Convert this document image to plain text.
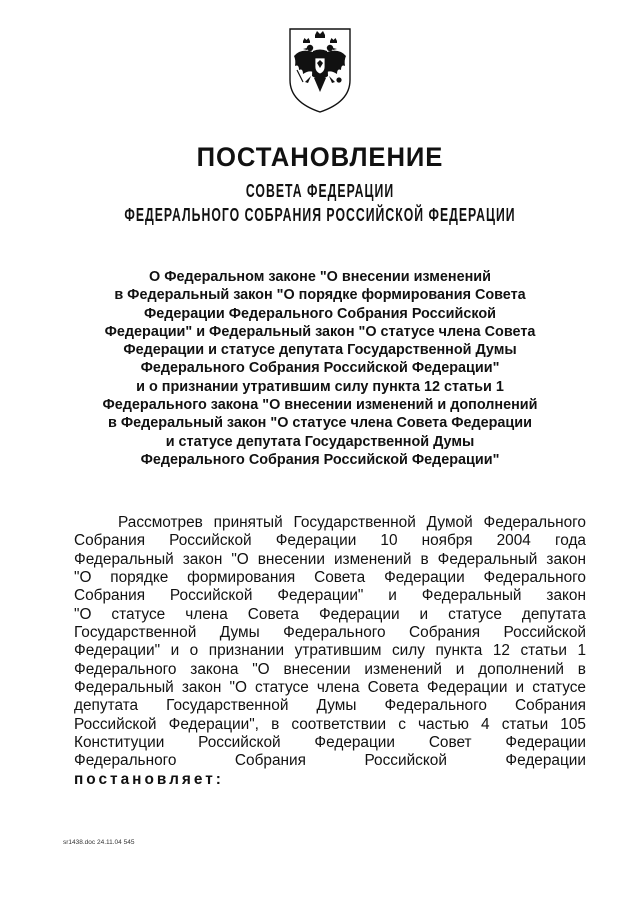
ПОСТАНОВЛЕНИЕ
СОВЕТА ФЕДЕРАЦИИ
ФЕДЕРАЛЬНОГО СОБРАНИЯ РОССИЙСКОЙ ФЕДЕРАЦИИ
О Федеральном законе "О внесении изменений
в Федеральный закон "О порядке формирования Совета
Федерации Федерального Собрания Российской
Федерации" и Федеральный закон "О статусе члена Совета
Федерации и статусе депутата Государственной Думы
Федерального Собрания Российской Федерации"
и о признании утратившим силу пункта 12 статьи 1
Федерального закона "О внесении изменений и дополнений
в Федеральный закон "О статусе члена Совета Федерации
и статусе депутата Государственной Думы
Федерального Собрания Российской Федерации"
Рассмотрев принятый Государственной Думой Федерального
Собрания Российской Федерации 10 ноября 2004 года
Федеральный закон "О внесении изменений в Федеральный закон
"О порядке формирования Совета Федерации Федерального
Собрания Российской Федерации" и Федеральный закон
"О статусе члена Совета Федерации и статусе депутата
Государственной Думы Федерального Собрания Российской
Федерации" и о признании утратившим силу пункта 12 статьи 1
Федерального закона "О внесении изменений и дополнений в
Федеральный закон "О статусе члена Совета Федерации и статусе
депутата Государственной Думы Федерального Собрания
Российской Федерации", в соответствии с частью 4 статьи 105
Конституции Российской Федерации Совет Федерации
Федерального Собрания Российской Федерации
постановляет:
sr1438.doc 24.11.04 545
